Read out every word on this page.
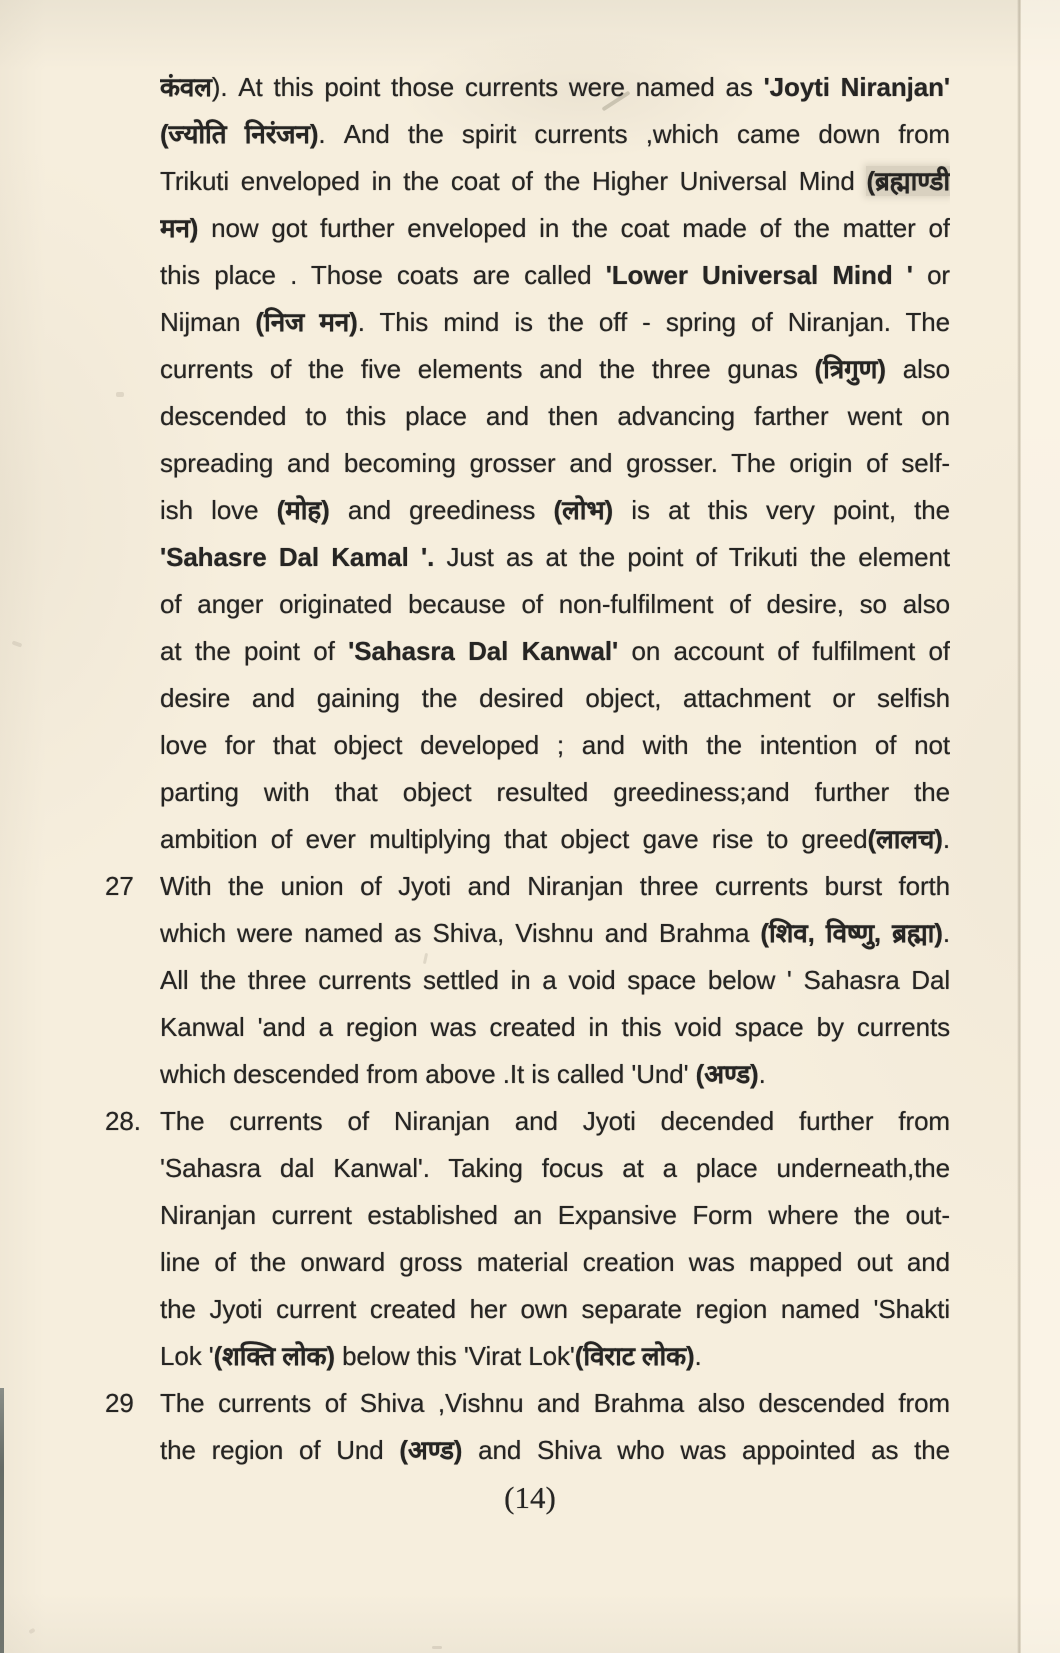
कंवल). At this point those currents were named as 'Joyti Niranjan'
(ज्योति निरंजन). And the spirit currents ,which came down from
Trikuti enveloped in the coat of the Higher Universal Mind (ब्रह्माण्डी
मन) now got further enveloped in the coat made of the matter of
this place . Those coats are called 'Lower Universal Mind ' or
Nijman (निज मन). This mind is the off - spring of Niranjan. The
currents of the five elements and the three gunas (त्रिगुण) also
descended to this place and then advancing farther went on
spreading and becoming grosser and grosser. The origin of self-
ish love (मोह) and greediness (लोभ) is at this very point, the
'Sahasre Dal Kamal '. Just as at the point of Trikuti the element
of anger originated because of non-fulfilment of desire, so also
at the point of 'Sahasra Dal Kanwal' on account of fulfilment of
desire and gaining the desired object, attachment or selfish
love for that object developed ; and with the intention of not
parting with that object resulted greediness;and further the
ambition of ever multiplying that object gave rise to greed(लालच).
27 With the union of Jyoti and Niranjan three currents burst forth
which were named as Shiva, Vishnu and Brahma (शिव, विष्णु, ब्रह्मा).
All the three currents settled in a void space below ' Sahasra Dal
Kanwal 'and a region was created in this void space by currents
which descended from above .It is called 'Und' (अण्ड).
28. The currents of Niranjan and Jyoti decended further from
'Sahasra dal Kanwal'. Taking focus at a place underneath,the
Niranjan current established an Expansive Form where the out-
line of the onward gross material creation was mapped out and
the Jyoti current created her own separate region named 'Shakti
Lok '(शक्ति लोक) below this 'Virat Lok'(विराट लोक).
29 The currents of Shiva ,Vishnu and Brahma also descended from
the region of Und (अण्ड) and Shiva who was appointed as the
(14)
